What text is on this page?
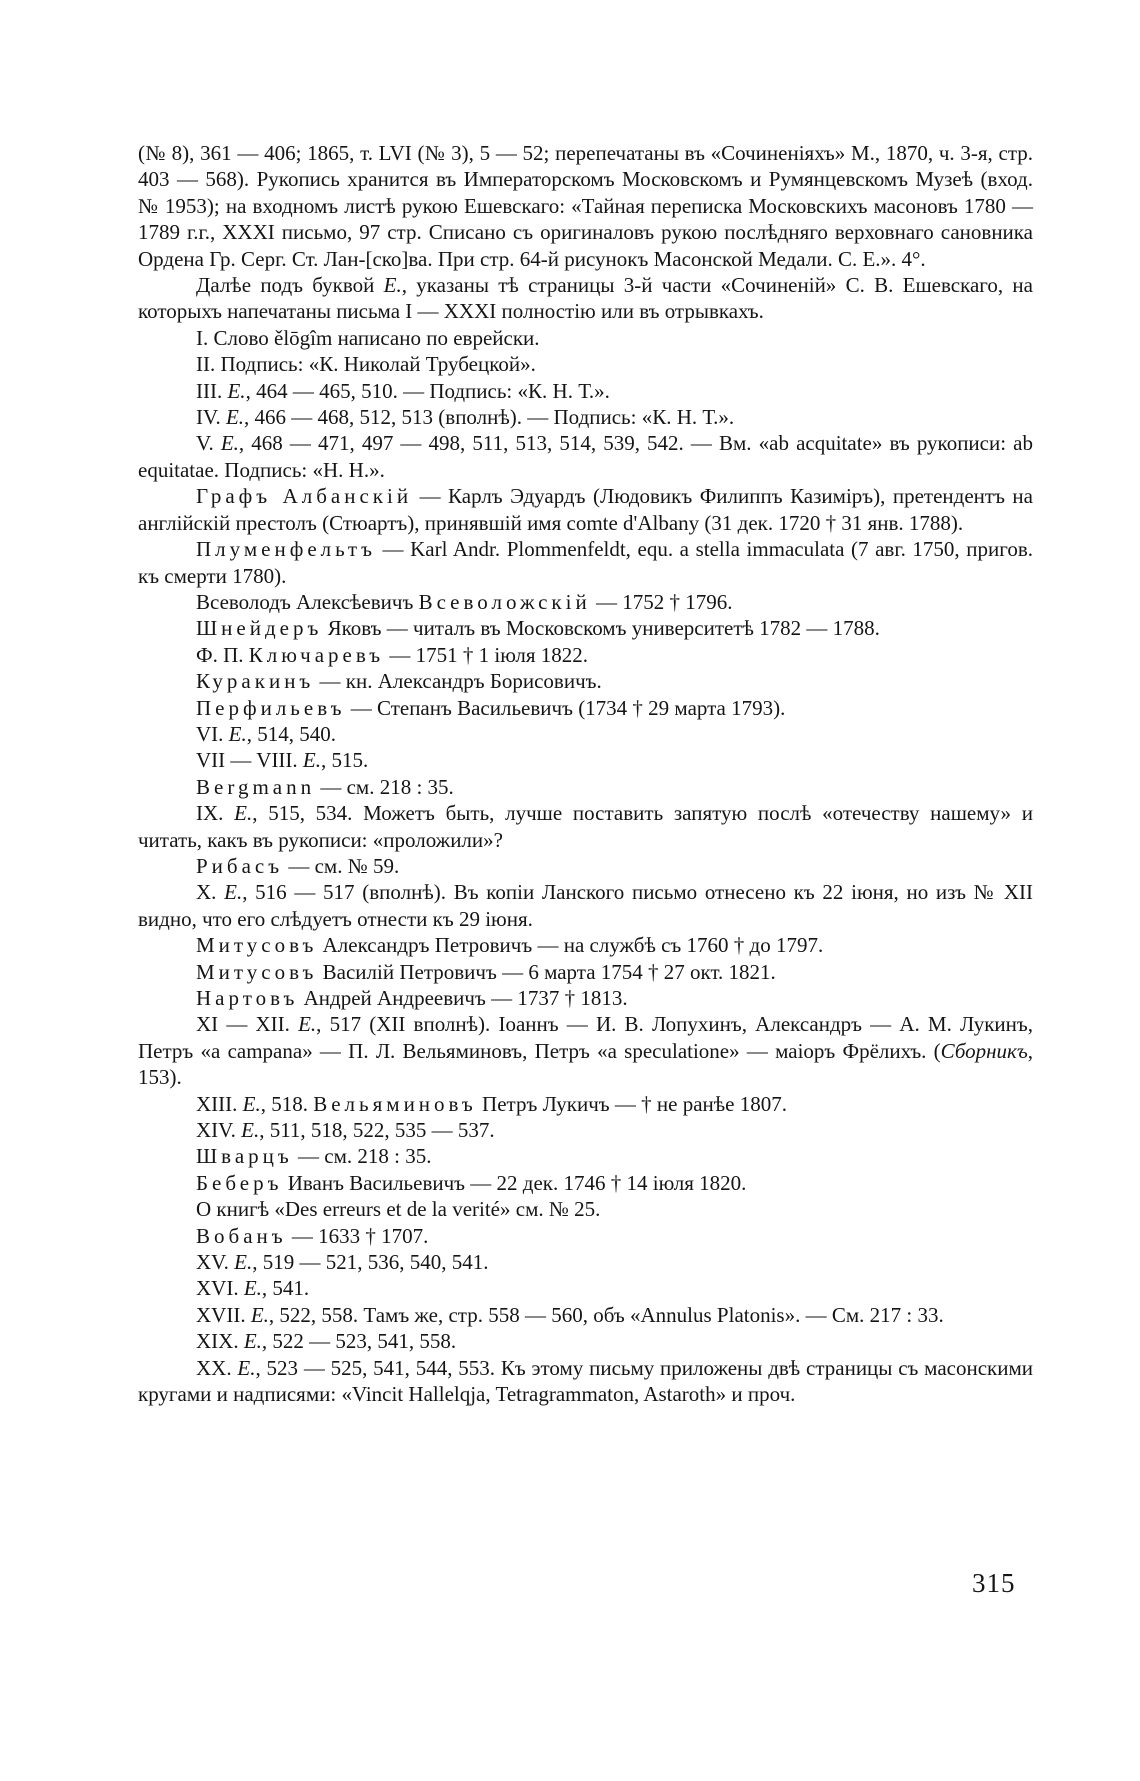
(№ 8), 361 — 406; 1865, т. LVI (№ 3), 5 — 52; перепечатаны въ «Сочиненіяхъ» М., 1870, ч. 3-я, стр. 403 — 568). Рукопись хранится въ Императорскомъ Московскомъ и Румянцевскомъ Музеѣ (вход. № 1953); на входномъ листѣ рукою Ешевскаго: «Тайная переписка Московскихъ масоновъ 1780 — 1789 г.г., XXXI письмо, 97 стр. Списано съ оригиналовъ рукою послѣдняго верховнаго сановника Ордена Гр. Серг. Ст. Лан-[ско]ва. При стр. 64-й рисунокъ Масонской Медали. С. Е.». 4°.

Далѣе подъ буквой Е., указаны тѣ страницы 3-й части «Сочиненій» С. В. Ешевскаго, на которыхъ напечатаны письма I — XXXI полностію или въ отрывкахъ.

I. Слово ělōgîm написано по еврейски.

II. Подпись: «К. Николай Трубецкой».

III. Е., 464 — 465, 510. — Подпись: «К. Н. Т.».

IV. Е., 466 — 468, 512, 513 (вполнѣ). — Подпись: «К. Н. Т.».

V. Е., 468 — 471, 497 — 498, 511, 513, 514, 539, 542. — Вм. «ab acquitate» въ рукописи: ab equitatae. Подпись: «Н. Н.».

Графъ Албанскій — Карлъ Эдуардъ (Людовикъ Филиппъ Казиміръ), претендентъ на англійскій престолъ (Стюартъ), принявшій имя comte d'Albany (31 дек. 1720 † 31 янв. 1788).

Плуменфельтъ — Karl Andr. Plommenfeldt, equ. a stella immaculata (7 авг. 1750, пригов. къ смерти 1780).

Всеволодъ Алексѣевичъ Всеволожскій — 1752 † 1796.

Шнейдеръ Яковъ — читалъ въ Московскомъ университетѣ 1782 — 1788.

Ф. П. Ключаревъ — 1751 † 1 іюля 1822.

Куракинъ — кн. Александръ Борисовичъ.

Перфильевъ — Степанъ Васильевичъ (1734 † 29 марта 1793).

VI. Е., 514, 540.

VII — VIII. Е., 515.

Bergmann — см. 218 : 35.

IX. Е., 515, 534. Можетъ быть, лучше поставить запятую послѣ «отечеству нашему» и читать, какъ въ рукописи: «проложили»?

Рибасъ — см. № 59.

X. Е., 516 — 517 (вполнѣ). Въ копіи Ланского письмо отнесено къ 22 іюня, но изъ № XII видно, что его слѣдуетъ отнести къ 29 іюня.

Митусовъ Александръ Петровичъ — на службѣ съ 1760 † до 1797.

Митусовъ Василій Петровичъ — 6 марта 1754 † 27 окт. 1821.

Нартовъ Андрей Андреевичъ — 1737 † 1813.

XI — XII. Е., 517 (XII вполнѣ). Іоаннъ — И. В. Лопухинъ, Александръ — А. М. Лукинъ, Петръ «a campana» — П. Л. Вельяминовъ, Петръ «a speculatione» — маіоръ Фрёлихъ. (Сборникъ, 153).

XIII. Е., 518. Вельяминовъ Петръ Лукичъ — † не ранѣе 1807.

XIV. Е., 511, 518, 522, 535 — 537.

Шварцъ — см. 218 : 35.

Беберъ Иванъ Васильевичъ — 22 дек. 1746 † 14 іюля 1820.

О книгѣ «Des erreurs et de la verité» см. № 25.

Вобанъ — 1633 † 1707.

XV. Е., 519 — 521, 536, 540, 541.

XVI. Е., 541.

XVII. Е., 522, 558. Тамъ же, стр. 558 — 560, объ «Annulus Platonis». — См. 217 : 33.

XIX. Е., 522 — 523, 541, 558.

XX. Е., 523 — 525, 541, 544, 553. Къ этому письму приложены двѣ страницы съ масонскими кругами и надписями: «Vincit Hallelqja, Tetragrammaton, Astaroth» и проч.

315
